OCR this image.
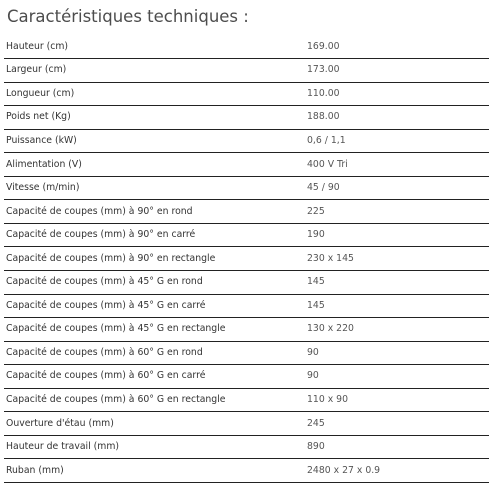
Caractéristiques techniques :
Hauteur (cm)	169.00
Largeur (cm)	173.00
Longueur (cm)	110.00
Poids net (Kg)	188.00
Puissance (kW)	0,6 / 1,1
Alimentation (V)	400 V Tri
Vitesse (m/min)	45 / 90
Capacité de coupes (mm) à 90° en rond	225
Capacité de coupes (mm) à 90° en carré	190
Capacité de coupes (mm) à 90° en rectangle	230 x 145
Capacité de coupes (mm) à 45° G en rond	145
Capacité de coupes (mm) à 45° G en carré	145
Capacité de coupes (mm) à 45° G en rectangle	130 x 220
Capacité de coupes (mm) à 60° G en rond	90
Capacité de coupes (mm) à 60° G en carré	90
Capacité de coupes (mm) à 60° G en rectangle	110 x 90
Ouverture d'étau (mm)	245
Hauteur de travail (mm)	890
Ruban (mm)	2480 x 27 x 0.9
